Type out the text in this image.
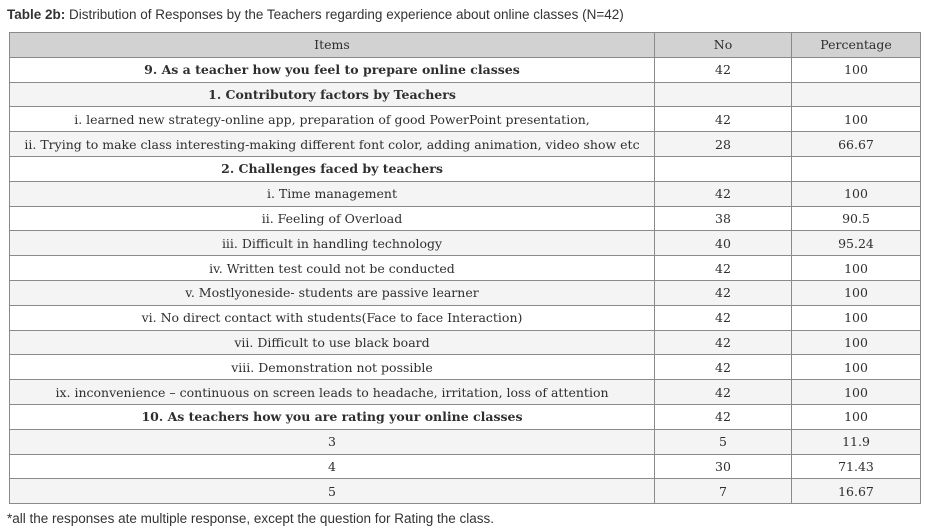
Table 2b: Distribution of Responses by the Teachers regarding experience about online classes (N=42)
Items	No	Percentage
9. As a teacher how you feel to prepare online classes	42	100
1. Contributory factors by Teachers		
i. learned new strategy-online app, preparation of good PowerPoint presentation,	42	100
ii. Trying to make class interesting-making different font color, adding animation, video show etc	28	66.67
2. Challenges faced by teachers		
i. Time management	42	100
ii. Feeling of Overload	38	90.5
iii. Difficult in handling technology	40	95.24
iv. Written test could not be conducted	42	100
v. Mostlyoneside- students are passive learner	42	100
vi. No direct contact with students(Face to face Interaction)	42	100
vii. Difficult to use black board	42	100
viii. Demonstration not possible	42	100
ix. inconvenience – continuous on screen leads to headache, irritation, loss of attention	42	100
10. As teachers how you are rating your online classes	42	100
3	5	11.9
4	30	71.43
5	7	16.67
*all the responses ate multiple response, except the question for Rating the class.
